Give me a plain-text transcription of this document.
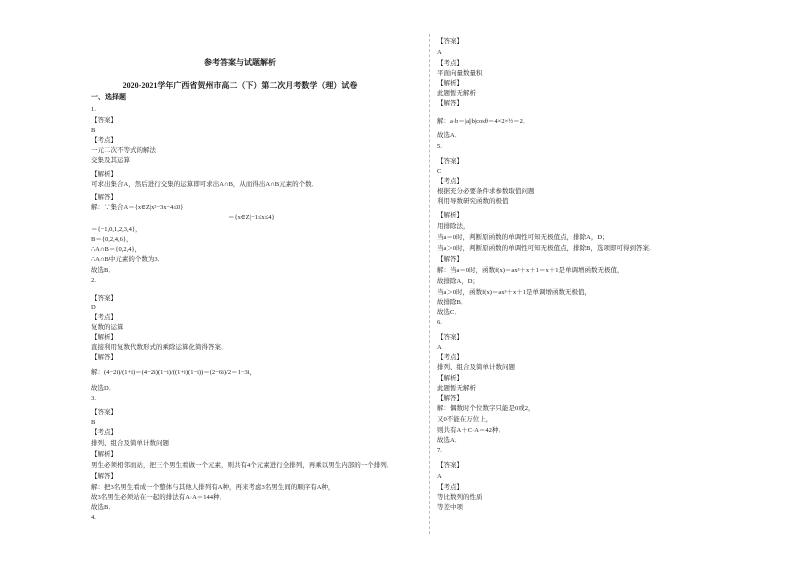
参考答案与试题解析
2020-2021学年广西省贺州市高二（下）第二次月考数学（理）试卷
一、选择题
1.
【答案】
B
【考点】
一元二次不等式的解法
交集及其运算
【解析】
可求出集合A，然后进行交集的运算即可求出A∩B，从而得出A∩B元素的个数．
【解答】
解：∵集合A＝{x∈Z|x²−3x−4≤0}
＝{x∈Z|−1≤x≤4}
＝{−1,0,1,2,3,4}，
B＝{0,2,4,6}，
∴A∩B＝{0,2,4}，
∴A∩B中元素的个数为3．
故选B．
2.
【答案】
D
【考点】
复数的运算
【解析】
直接利用复数代数形式的乘除运算化简得答案．
【解答】
解：(4−2i)/(1+i)＝(4−2i)(1−i)/((1+i)(1−i))＝(2−6i)/2＝1−3i，
故选D．
3.
【答案】
B
【考点】
排列、组合及简单计数问题
【解析】
男生必须相邻而站，把三个男生看做一个元素，则共有4个元素进行全排列，再乘以男生内部的一个排列．
【解答】
解：把3名男生看成一个整体与其他人排列有A种，再来考虑3名男生间的顺序有A种，
故3名男生必须站在一起的排法有A·A＝144种．
故选B．
4.
【答案】
A
【考点】
平面向量数量积
【解析】
此题暂无解析
【解答】
解：a·b＝|a||b|cosθ＝4×2×½＝2．
故选A．
5.
【答案】
C
【考点】
根据充分必要条件求参数取值问题
利用导数研究函数的极值
【解析】
用排除法，
当a＝0时，判断原函数的单调性可知无极值点，排除A，D；
当a＞0时，判断原函数的单调性可知无极值点，排除B，选项即可得到答案．
【解答】
解：当a＝0时，函数f(x)＝ax³＋x＋1＝x＋1是单调增函数无极值，
故排除A，D；
当a＞0时，函数f(x)＝ax³＋x＋1是单调增函数无极值，
故排除B．
故选C．
6.
【答案】
A
【考点】
排列、组合及简单计数问题
【解析】
此题暂无解析
【解答】
解：偶数时个位数字只能是0或2，
又0不能在万位上，
则共有A＋C·A＝42种．
故选A．
7.
【答案】
A
【考点】
等比数列的性质
等差中项
